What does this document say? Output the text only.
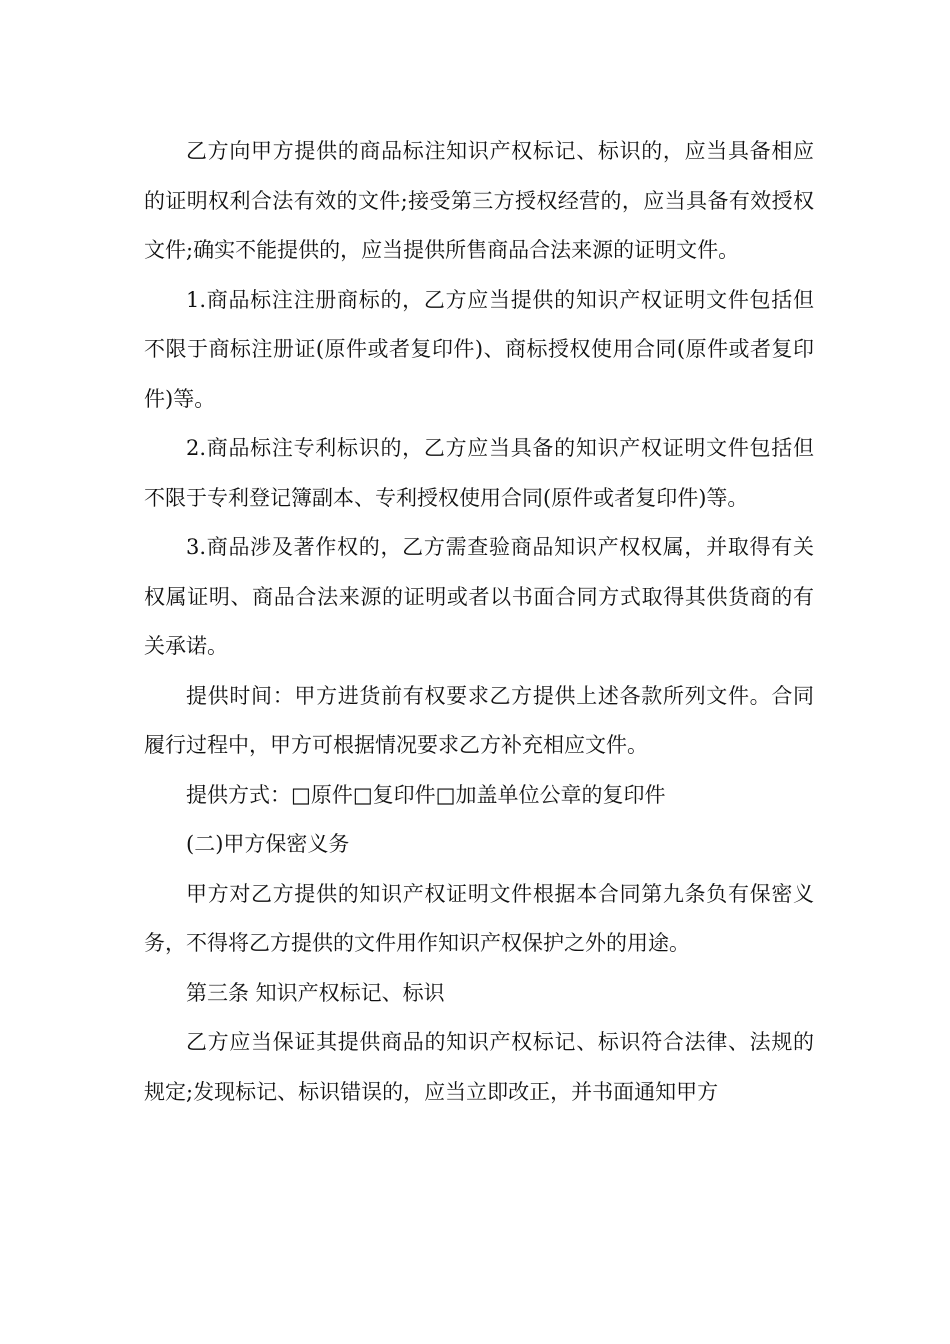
乙方向甲方提供的商品标注知识产权标记、标识的，应当具备相应的证明权利合法有效的文件;接受第三方授权经营的，应当具备有效授权文件;确实不能提供的，应当提供所售商品合法来源的证明文件。

1.商品标注注册商标的，乙方应当提供的知识产权证明文件包括但不限于商标注册证(原件或者复印件)、商标授权使用合同(原件或者复印件)等。

2.商品标注专利标识的，乙方应当具备的知识产权证明文件包括但不限于专利登记簿副本、专利授权使用合同(原件或者复印件)等。

3.商品涉及著作权的，乙方需查验商品知识产权权属，并取得有关权属证明、商品合法来源的证明或者以书面合同方式取得其供货商的有关承诺。

提供时间：甲方进货前有权要求乙方提供上述各款所列文件。合同履行过程中，甲方可根据情况要求乙方补充相应文件。

提供方式：□原件□复印件□加盖单位公章的复印件

(二)甲方保密义务

甲方对乙方提供的知识产权证明文件根据本合同第九条负有保密义务，不得将乙方提供的文件用作知识产权保护之外的用途。

第三条 知识产权标记、标识

乙方应当保证其提供商品的知识产权标记、标识符合法律、法规的规定;发现标记、标识错误的，应当立即改正，并书面通知甲方
